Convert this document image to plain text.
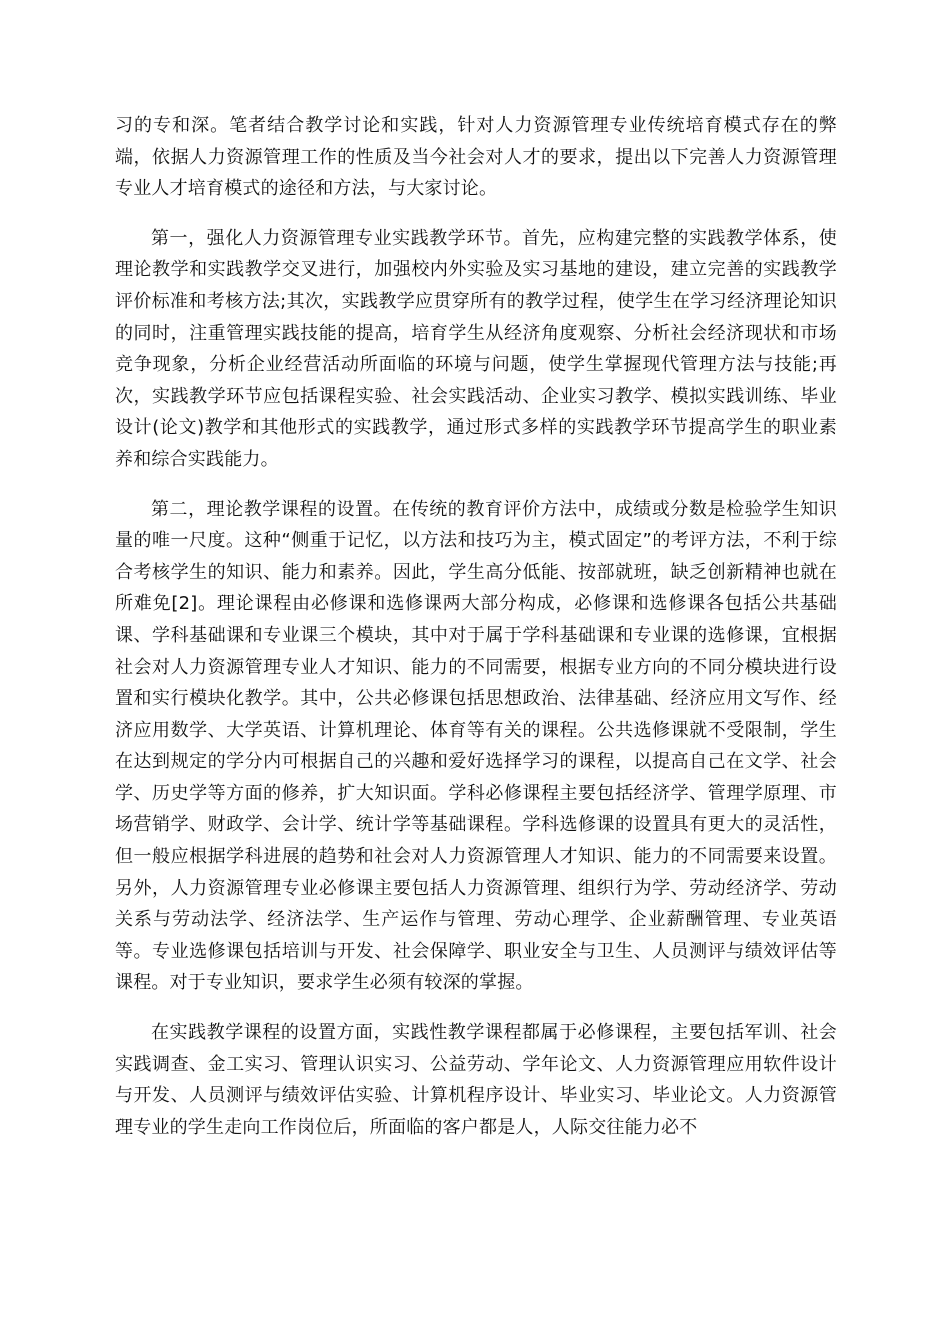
习的专和深。笔者结合教学讨论和实践，针对人力资源管理专业传统培育模式存在的弊端，依据人力资源管理工作的性质及当今社会对人才的要求，提出以下完善人力资源管理专业人才培育模式的途径和方法，与大家讨论。

第一，强化人力资源管理专业实践教学环节。首先，应构建完整的实践教学体系，使理论教学和实践教学交叉进行，加强校内外实验及实习基地的建设，建立完善的实践教学评价标准和考核方法;其次，实践教学应贯穿所有的教学过程，使学生在学习经济理论知识的同时，注重管理实践技能的提高，培育学生从经济角度观察、分析社会经济现状和市场竞争现象，分析企业经营活动所面临的环境与问题，使学生掌握现代管理方法与技能;再次，实践教学环节应包括课程实验、社会实践活动、企业实习教学、模拟实践训练、毕业设计(论文)教学和其他形式的实践教学，通过形式多样的实践教学环节提高学生的职业素养和综合实践能力。

第二，理论教学课程的设置。在传统的教育评价方法中，成绩或分数是检验学生知识量的唯一尺度。这种“侧重于记忆，以方法和技巧为主，模式固定”的考评方法，不利于综合考核学生的知识、能力和素养。因此，学生高分低能、按部就班，缺乏创新精神也就在所难免[2]。理论课程由必修课和选修课两大部分构成，必修课和选修课各包括公共基础课、学科基础课和专业课三个模块，其中对于属于学科基础课和专业课的选修课，宜根据社会对人力资源管理专业人才知识、能力的不同需要，根据专业方向的不同分模块进行设置和实行模块化教学。其中，公共必修课包括思想政治、法律基础、经济应用文写作、经济应用数学、大学英语、计算机理论、体育等有关的课程。公共选修课就不受限制，学生在达到规定的学分内可根据自己的兴趣和爱好选择学习的课程，以提高自己在文学、社会学、历史学等方面的修养，扩大知识面。学科必修课程主要包括经济学、管理学原理、市场营销学、财政学、会计学、统计学等基础课程。学科选修课的设置具有更大的灵活性，但一般应根据学科进展的趋势和社会对人力资源管理人才知识、能力的不同需要来设置。另外，人力资源管理专业必修课主要包括人力资源管理、组织行为学、劳动经济学、劳动关系与劳动法学、经济法学、生产运作与管理、劳动心理学、企业薪酬管理、专业英语等。专业选修课包括培训与开发、社会保障学、职业安全与卫生、人员测评与绩效评估等课程。对于专业知识，要求学生必须有较深的掌握。

在实践教学课程的设置方面，实践性教学课程都属于必修课程，主要包括军训、社会实践调查、金工实习、管理认识实习、公益劳动、学年论文、人力资源管理应用软件设计与开发、人员测评与绩效评估实验、计算机程序设计、毕业实习、毕业论文。人力资源管理专业的学生走向工作岗位后，所面临的客户都是人，人际交往能力必不
